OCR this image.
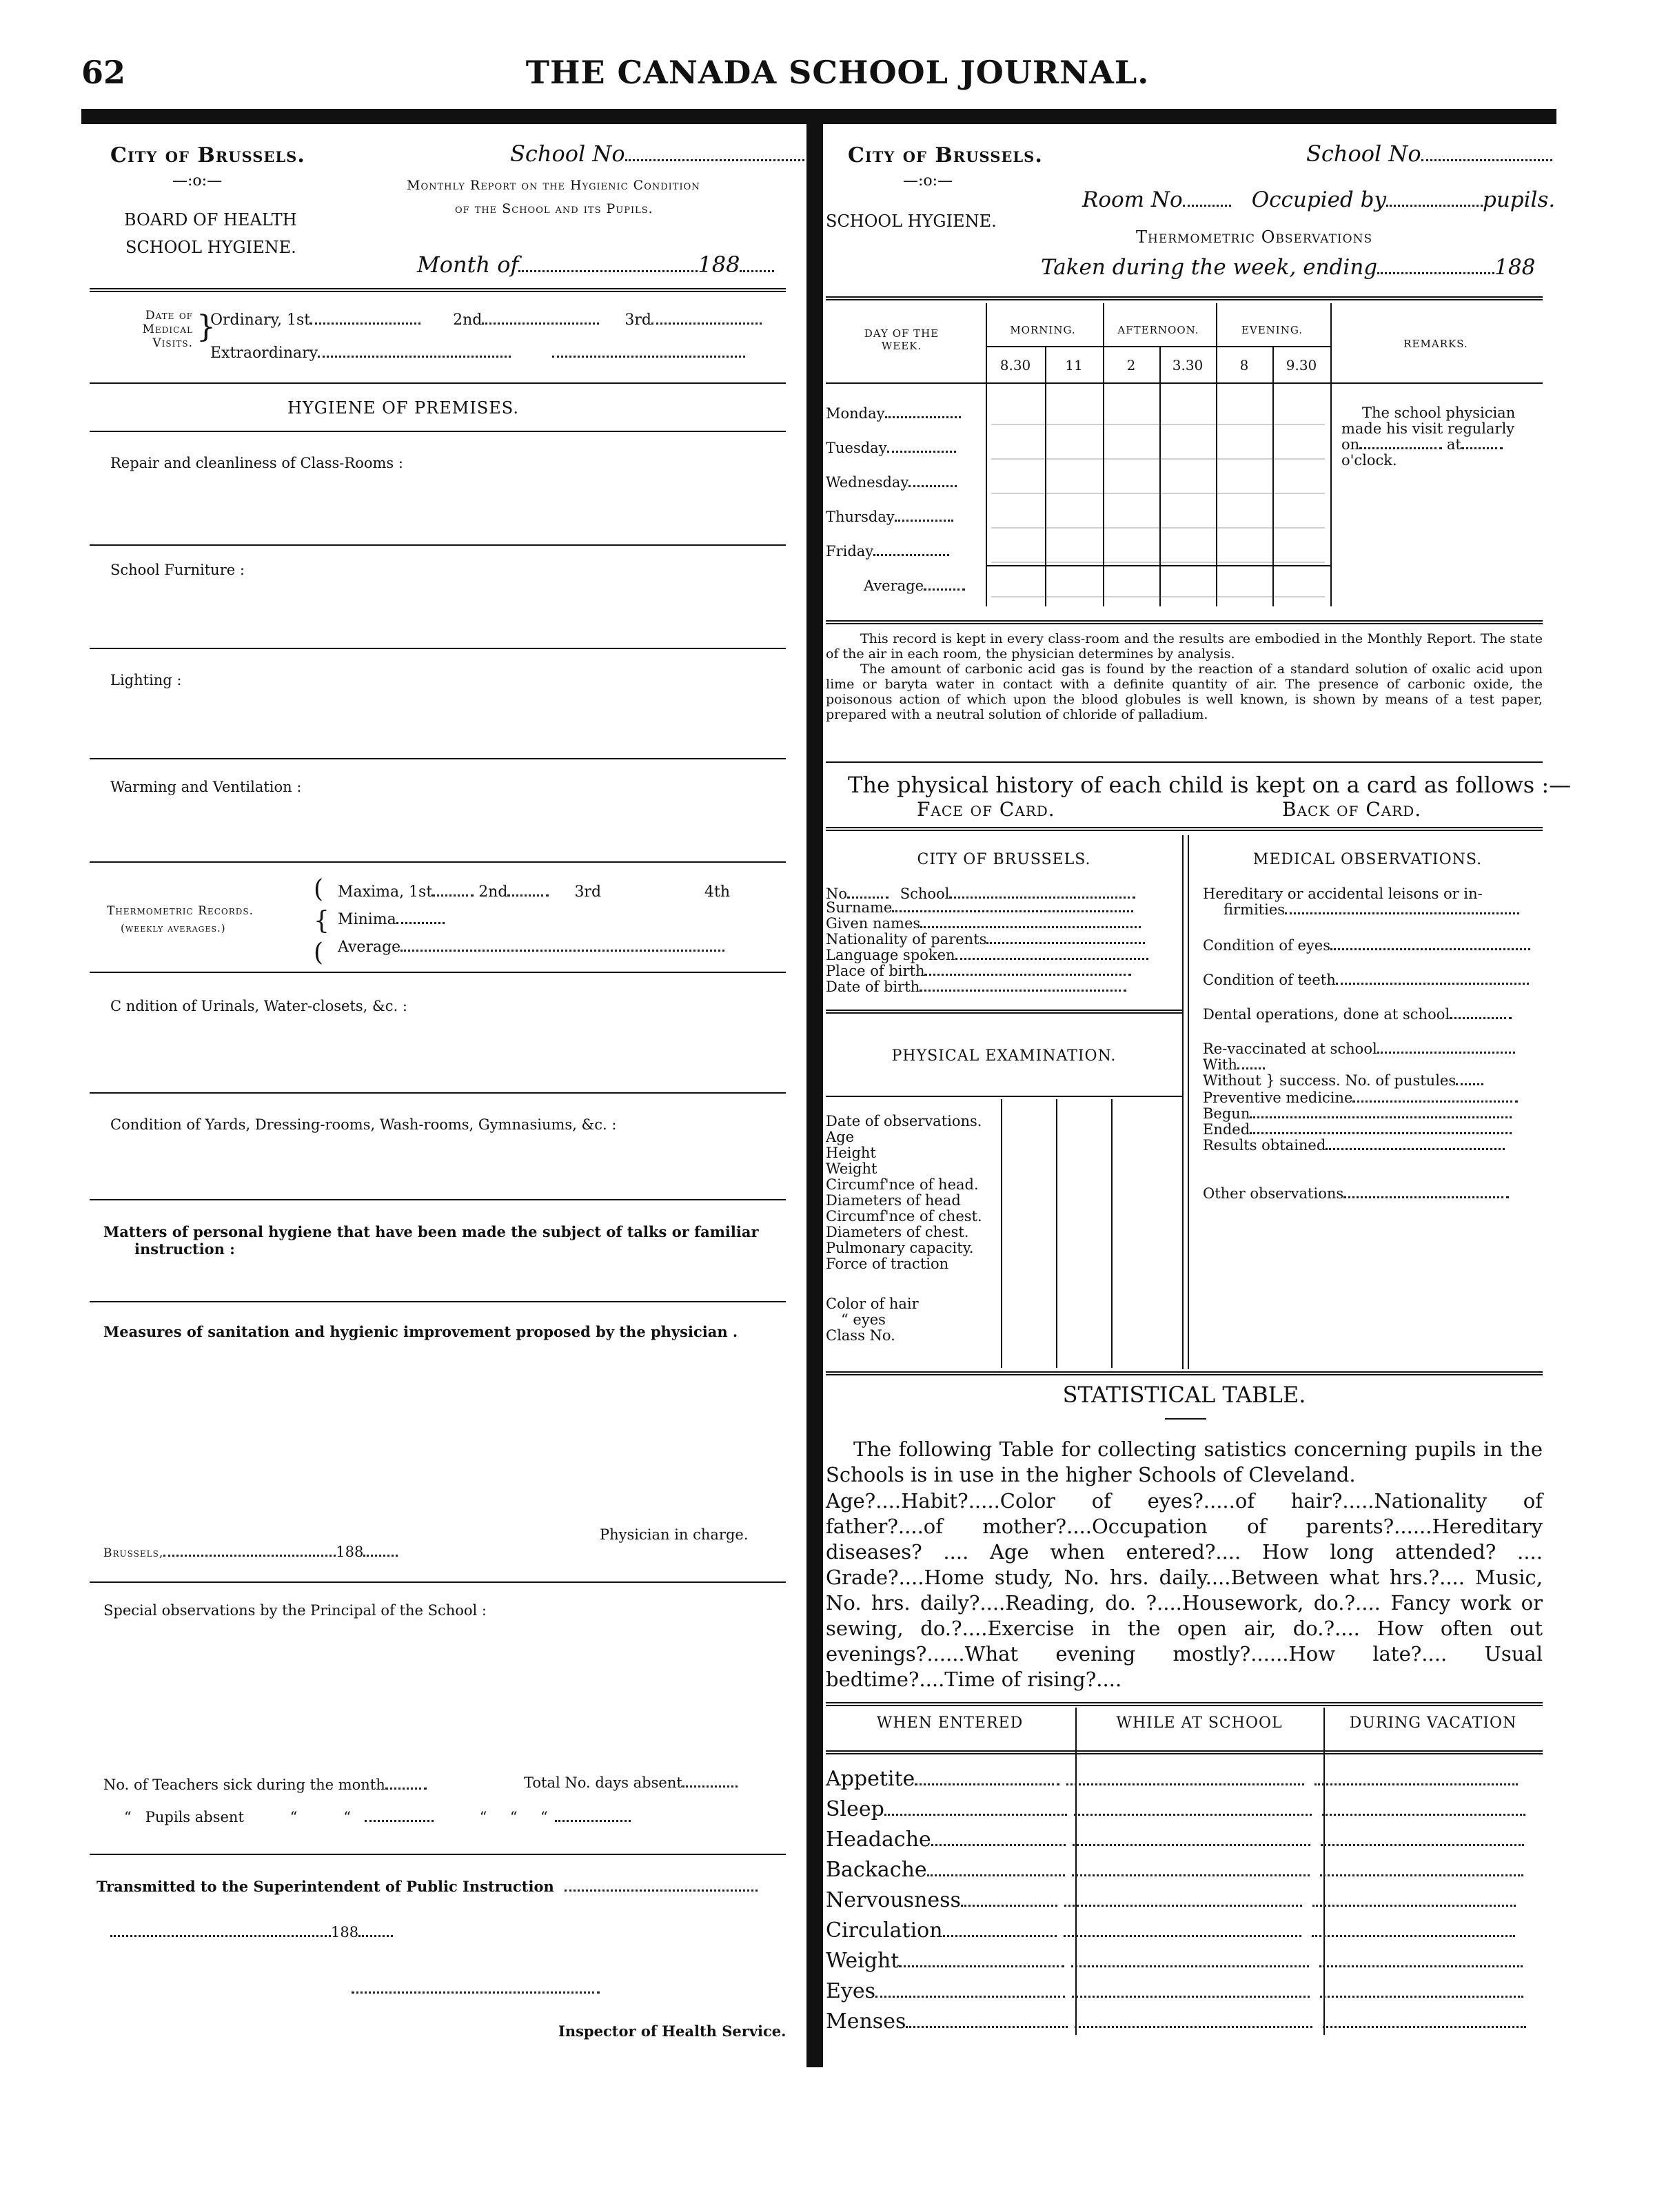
62	THE CANADA SCHOOL JOURNAL.
City of Brussels.
—:o:—
BOARD OF HEALTH
SCHOOL HYGIENE.
School No
Monthly Report on the Hygienic Condition
of the School and its Pupils.
Month of	188
Date of
Medical
Visits. }
Ordinary, 1st	2nd	3rd
Extraordinary
HYGIENE OF PREMISES.
Repair and cleanliness of Class-Rooms :
School Furniture :
Lighting :
Warming and Ventilation :
Thermometric Records.
(weekly averages.)
(
{
(
Maxima, 1st	2nd	3rd	4th
Minima
Average
C ndition of Urinals, Water-closets, &c. :
Condition of Yards, Dressing-rooms, Wash-rooms, Gymnasiums, &c. :
Matters of personal hygiene that have been made the subject of talks or familiar
instruction :
Measures of sanitation and hygienic improvement proposed by the physician .
Physician in charge.
Brussels,	188
Special observations by the Principal of the School :
No. of Teachers sick during the month	Total No. days absent
“ Pupils absent	“	“	“ “ “
Transmitted to the Superintendent of Public Instruction
188
Inspector of Health Service.
City of Brussels.
—:o:—
SCHOOL HYGIENE.
School No
Room No	Occupied by	pupils.
Thermometric Observations
Taken during the week, ending	188
DAY OF THE
WEEK.
MORNING.	AFTERNOON.	EVENING.
REMARKS.
8.30	11	2	3.30	8	9.30
Monday
Tuesday
Wednesday
Thursday
Friday
Average
The school physician
made his visit regularly
on	at
o'clock.
This record is kept in every class-room and the results are embodied in the Monthly Report. The state of the air in each room, the physician determines by analysis.
The amount of carbonic acid gas is found by the reaction of a standard solution of oxalic acid upon lime or baryta water in contact with a definite quantity of air. The presence of carbonic oxide, the poisonous action of which upon the blood globules is well known, is shown by means of a test paper, prepared with a neutral solution of chloride of palladium.
The physical history of each child is kept on a card as follows :—
Face of Card.	Back of Card.
CITY OF BRUSSELS.
No	School
Surname
Given names
Nationality of parents
Language spoken
Place of birth
Date of birth
PHYSICAL EXAMINATION.
Date of observations.
Age
Height
Weight
Circumf'nce of head.
Diameters of head
Circumf'nce of chest.
Diameters of chest.
Pulmonary capacity.
Force of traction
Color of hair
“ eyes
Class No.
MEDICAL OBSERVATIONS.
Hereditary or accidental leisons or in-
firmities
Condition of eyes
Condition of teeth
Dental operations, done at school
Re-vaccinated at school
With
Without } success. No. of pustules
Preventive medicine
Begun
Ended
Results obtained
Other observations
STATISTICAL TABLE.
The following Table for collecting satistics concerning pupils in the Schools is in use in the higher Schools of Cleveland.
Age?....Habit?.....Color of eyes?.....of hair?.....Nationality of father?....of mother?....Occupation of parents?......Hereditary diseases? .... Age when entered?.... How long attended? .... Grade?....Home study, No. hrs. daily....Between what hrs.?.... Music, No. hrs. daily?....Reading, do. ?....Housework, do.?.... Fancy work or sewing, do.?....Exercise in the open air, do.?.... How often out evenings?......What evening mostly?......How late?.... Usual bedtime?....Time of rising?....
WHEN ENTERED	WHILE AT SCHOOL	DURING VACATION
Appetite
Sleep
Headache
Backache
Nervousness
Circulation
Weight
Eyes
Menses
